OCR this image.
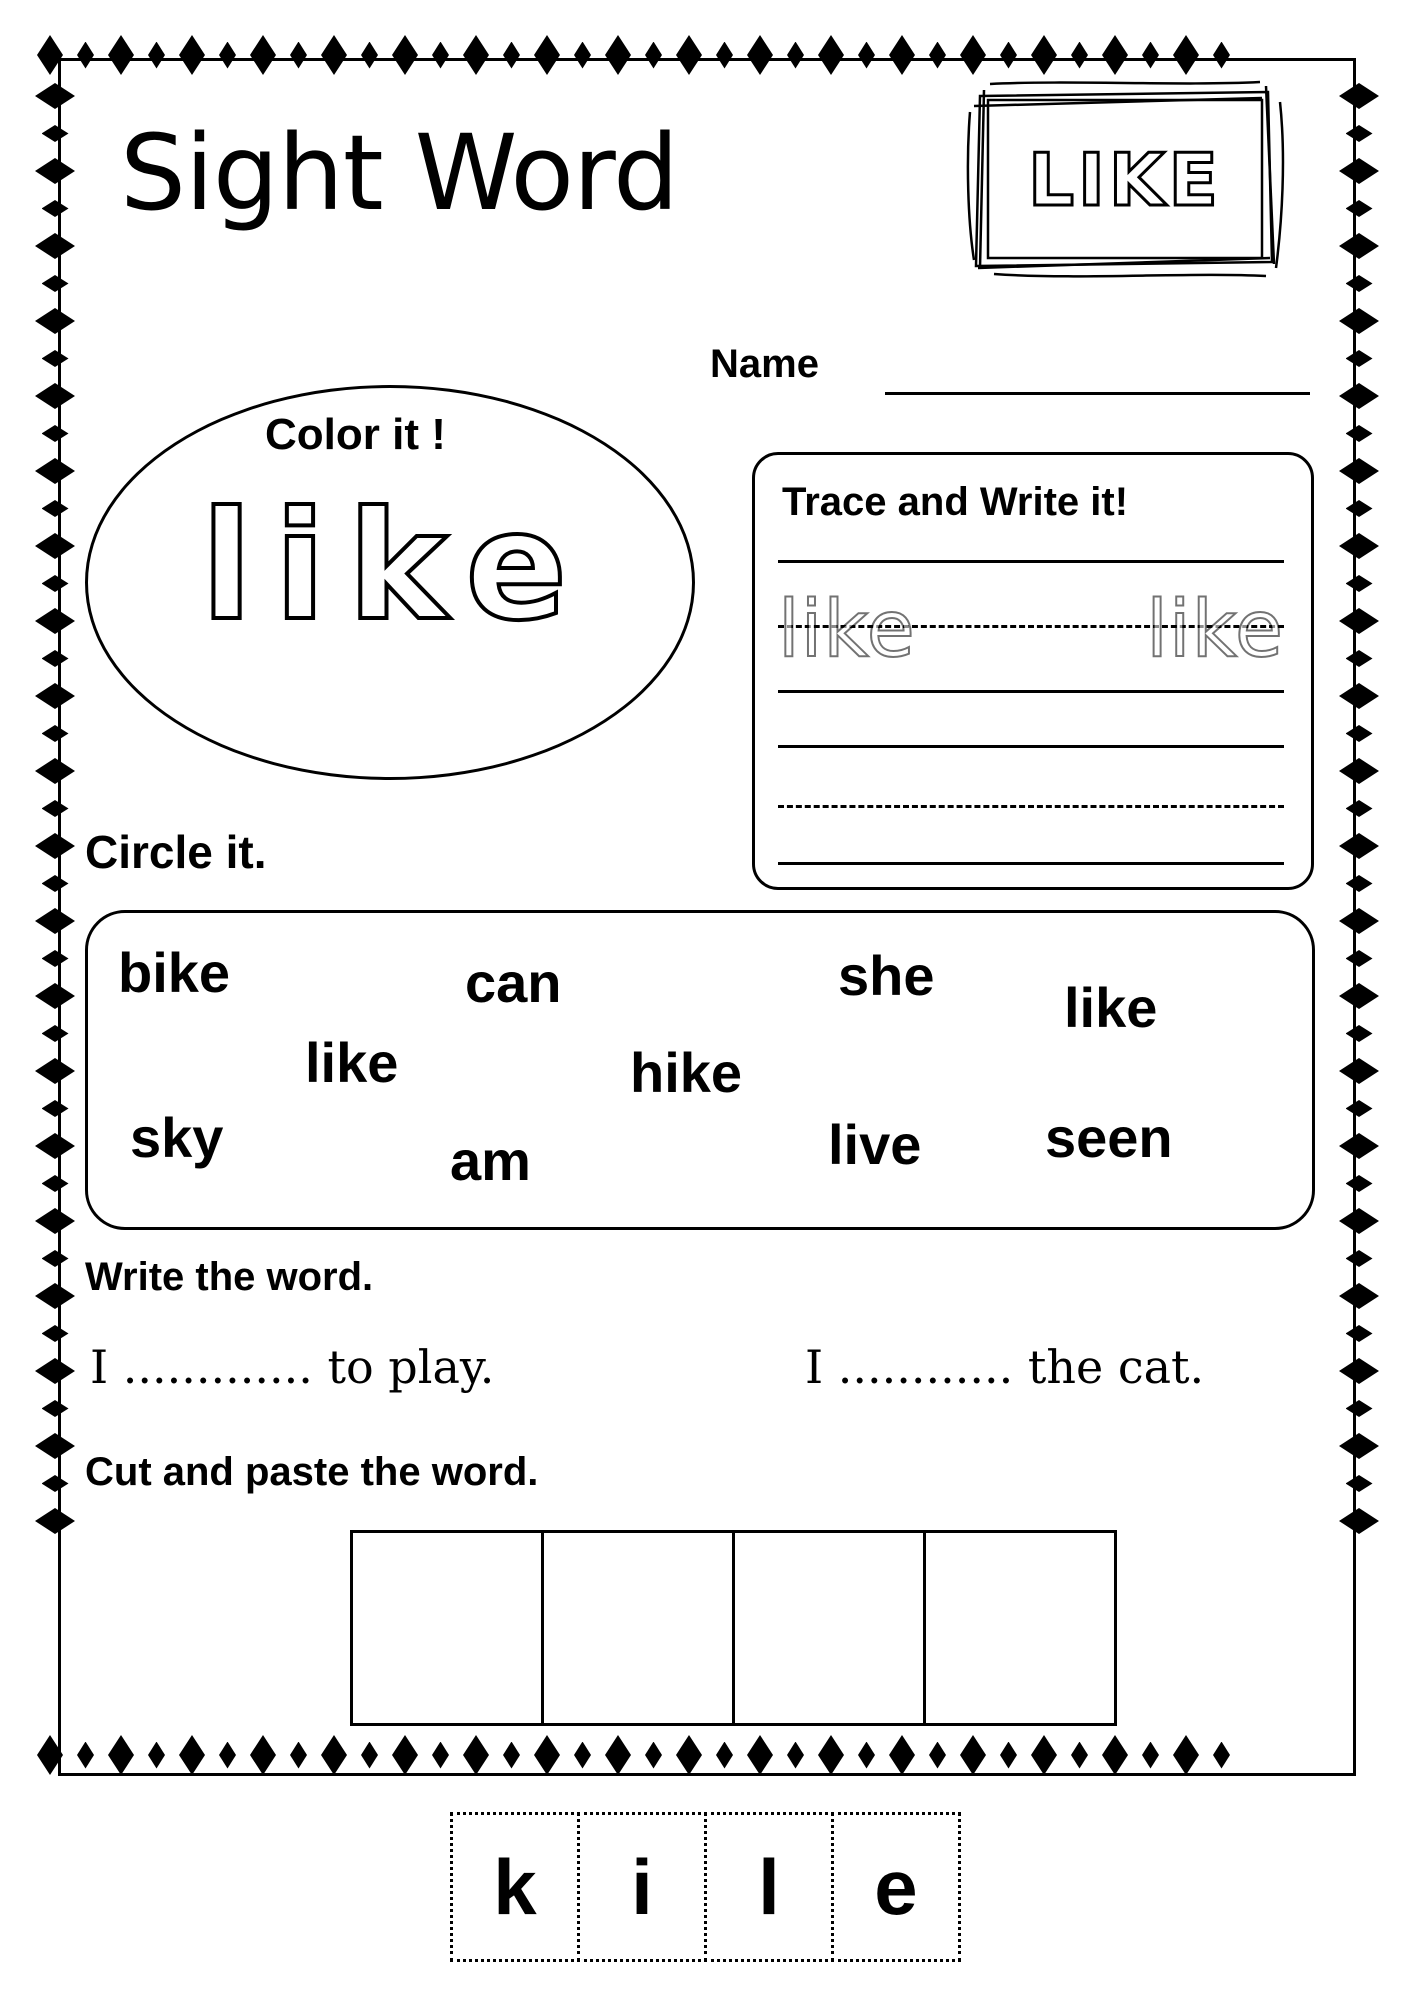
Sight Word	LIKE
Name
Color it !
like	Trace and Write it!
like	like
Circle it.
bike	can	she
like
like	hike
sky	am	live seen
Write the word.
I ............. to play.	I ............ the cat.
Cut and paste the word.
k	i	l	e
